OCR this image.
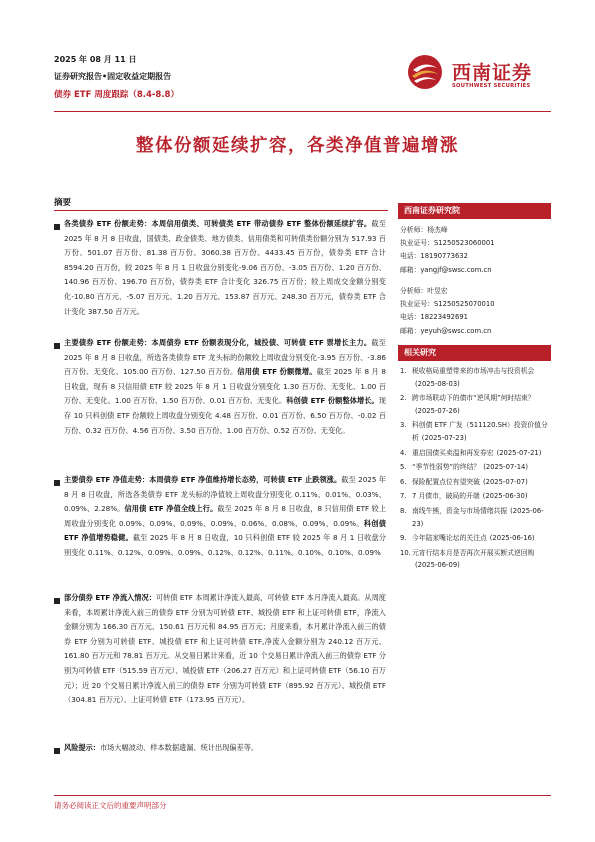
2025 年 08 月 11 日
证券研究报告•固定收益定期报告
债券 ETF 周度跟踪（8.4-8.8）
西南证券
SOUTHWEST SECURITIES
整体份额延续扩容，各类净值普遍增涨
摘要
各类债券 ETF 份额走势：本周信用债类、可转债类 ETF 带动债券 ETF 整体份额延续扩容。截至 2025 年 8 月 8 日收盘，国债类、政金债类、地方债类、信用债类和可转债类份额分别为 517.93 百万份、501.07 百万份、81.38 百万份、3060.38 百万份、4433.45 百万份，债券类 ETF 合计 8594.20 百万份，较 2025 年 8 月 1 日收盘分别变化-9.06 百万份、-3.05 百万份、1.20 百万份、140.96 百万份、196.70 百万份，债券类 ETF 合计变化 326.75 百万份；较上周成交金额分别变化-10.80 百万元、-5.07 百万元、1.20 百万元、153.87 百万元、248.30 百万元，债券类 ETF 合计变化 387.50 百万元。
主要债券 ETF 份额走势：本周债券 ETF 份额表现分化，城投债、可转债 ETF 票增长主力。截至 2025 年 8 月 8 日收盘，所选各类债券 ETF 龙头标的份额较上周收盘分别变化-3.95 百万份、-3.86 百万份、无变化、105.00 百万份、127.50 百万份。信用债 ETF 份额微增。截至 2025 年 8 月 8 日收盘，现有 8 只信用债 ETF 较 2025 年 8 月 1 日收盘分别变化 1.30 百万份、无变化、1.00 百万份、无变化、1.00 百万份、1.50 百万份、0.01 百万份、无变化。科创债 ETF 份额整体增长。现存 10 只科创债 ETF 份额较上周收盘分别变化 4.48 百万份、0.01 百万份、6.50 百万份、-0.02 百万份、0.32 百万份、4.56 百万份、3.50 百万份、1.00 百万份、0.52 百万份、无变化。
主要债券 ETF 净值走势：本周债券 ETF 净值维持增长态势，可转债 ETF 止跌领涨。截至 2025 年 8 月 8 日收盘，所选各类债券 ETF 龙头标的净值较上周收盘分别变化 0.11%、0.01%、0.03%、0.09%、2.28%。信用债 ETF 净值全线上行。截至 2025 年 8 月 8 日收盘，8 只信用债 ETF 较上周收盘分别变化 0.09%、0.09%、0.09%、0.09%、0.06%、0.08%、0.09%、0.09%。科创债 ETF 净值增势稳健。截至 2025 年 8 月 8 日收盘，10 只科创债 ETF 较 2025 年 8 月 1 日收盘分别变化 0.11%、0.12%、0.09%、0.09%、0.12%、0.12%、0.11%、0.10%、0.10%、0.09%
部分债券 ETF 净流入情况：可转债 ETF 本周累计净流入最高，可转债 ETF 本月净流入最高。从周度来看，本周累计净流入前三的债券 ETF 分别为可转债 ETF、城投债 ETF 和上证可转债 ETF，净流入金额分别为 166.30 百万元、150.61 百万元和 84.95 百万元；月度来看，本月累计净流入前三的债券 ETF 分别为可转债 ETF、城投债 ETF 和上证可转债 ETF,净流入金额分别为 240.12 百万元、161.80 百万元和 78.81 百万元。从交易日累计来看，近 10 个交易日累计净流入前三的债券 ETF 分别为可转债 ETF（515.59 百万元）、城投债 ETF（206.27 百万元）和上证可转债 ETF（56.10 百万元）；近 20 个交易日累计净流入前三的债券 ETF 分别为可转债 ETF（895.92 百万元）、城投债 ETF（304.81 百万元）、上证可转债 ETF（173.95 百万元）。
风险提示：市场大幅波动、样本数据遗漏、统计出现偏差等。
西南证券研究院
分析师：杨杰峰
执业证号：S1250523060001
电话：18190773632
邮箱：yangjf@swsc.com.cn
分析师：叶昱宏
执业证号：S1250525070010
电话：18223492691
邮箱：yeyuh@swsc.com.cn
相关研究
1. 税收格局重塑带来的市场冲击与投资机会(2025-08-03)
2. 跨市场联动下的债市“逆风期”何时结束？(2025-07-26)
3. 科创债 ETF 广发（511120.SH）投资价值分析 (2025-07-23)
4. 重启国债买卖温和再发券宏 (2025-07-21)
5. “季节性弱势”的终结？ (2025-07-14)
6. 保险配置点位有望突破 (2025-07-07)
7. 7 月债市，破局的开端 (2025-06-30)
8. 南线牛熊，资金与市场情绪共振 (2025-06-23)
9. 今年陆家嘴论坛的关注点 (2025-06-16)
10. 元宵行结本月是否再次开展买断式逆回购(2025-06-09)
请务必阅读正文后的重要声明部分
